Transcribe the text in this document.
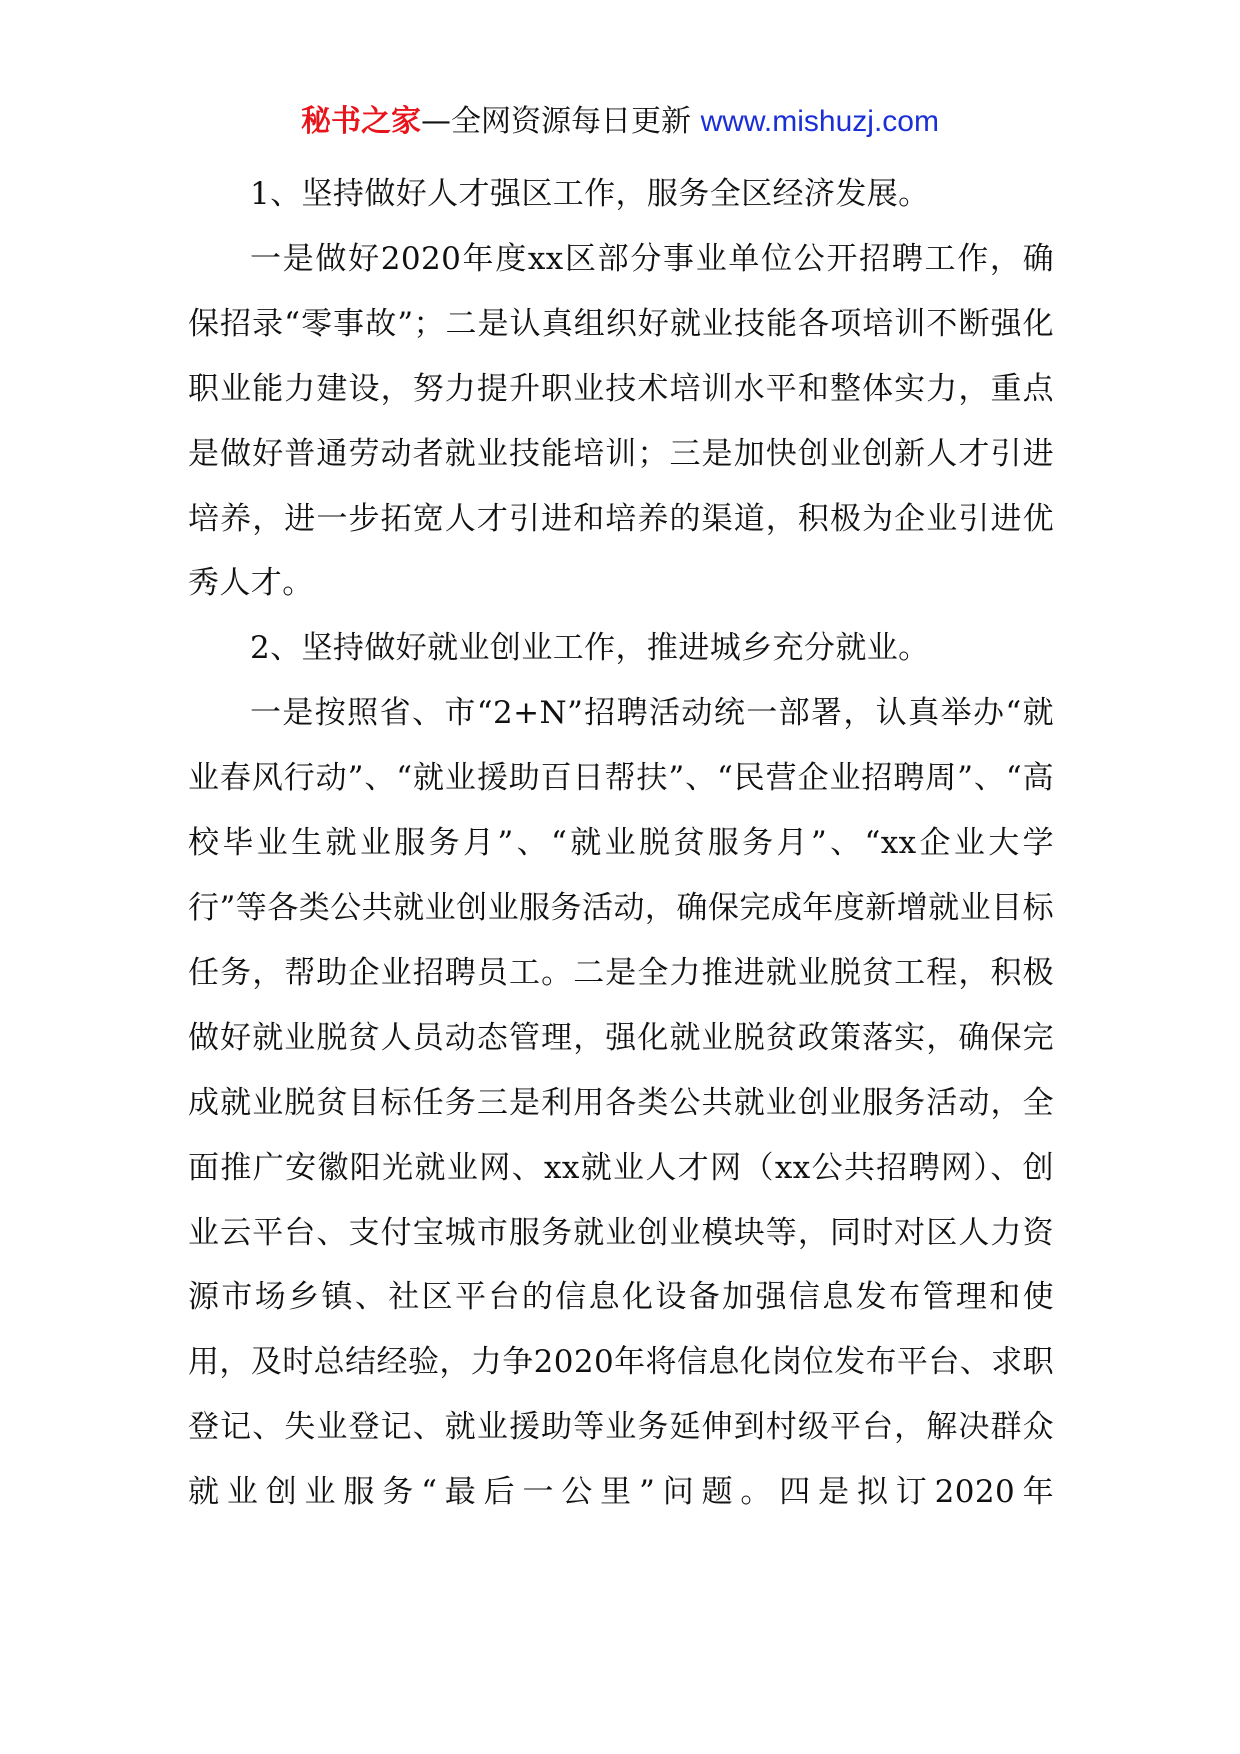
秘书之家—全网资源每日更新 www.mishuzj.com

1、坚持做好人才强区工作，服务全区经济发展。

一是做好2020年度xx区部分事业单位公开招聘工作，确保招录“零事故”；二是认真组织好就业技能各项培训不断强化职业能力建设，努力提升职业技术培训水平和整体实力，重点是做好普通劳动者就业技能培训；三是加快创业创新人才引进培养，进一步拓宽人才引进和培养的渠道，积极为企业引进优秀人才。

2、坚持做好就业创业工作，推进城乡充分就业。

一是按照省、市“2+N”招聘活动统一部署，认真举办“就业春风行动”、“就业援助百日帮扶”、“民营企业招聘周”、“高校毕业生就业服务月”、“就业脱贫服务月”、“xx企业大学行”等各类公共就业创业服务活动，确保完成年度新增就业目标任务，帮助企业招聘员工。二是全力推进就业脱贫工程，积极做好就业脱贫人员动态管理，强化就业脱贫政策落实，确保完成就业脱贫目标任务三是利用各类公共就业创业服务活动，全面推广安徽阳光就业网、xx就业人才网（xx公共招聘网）、创业云平台、支付宝城市服务就业创业模块等，同时对区人力资源市场乡镇、社区平台的信息化设备加强信息发布管理和使用，及时总结经验，力争2020年将信息化岗位发布平台、求职登记、失业登记、就业援助等业务延伸到村级平台，解决群众就业创业服务“最后一公里”问题。四是拟订2020年
